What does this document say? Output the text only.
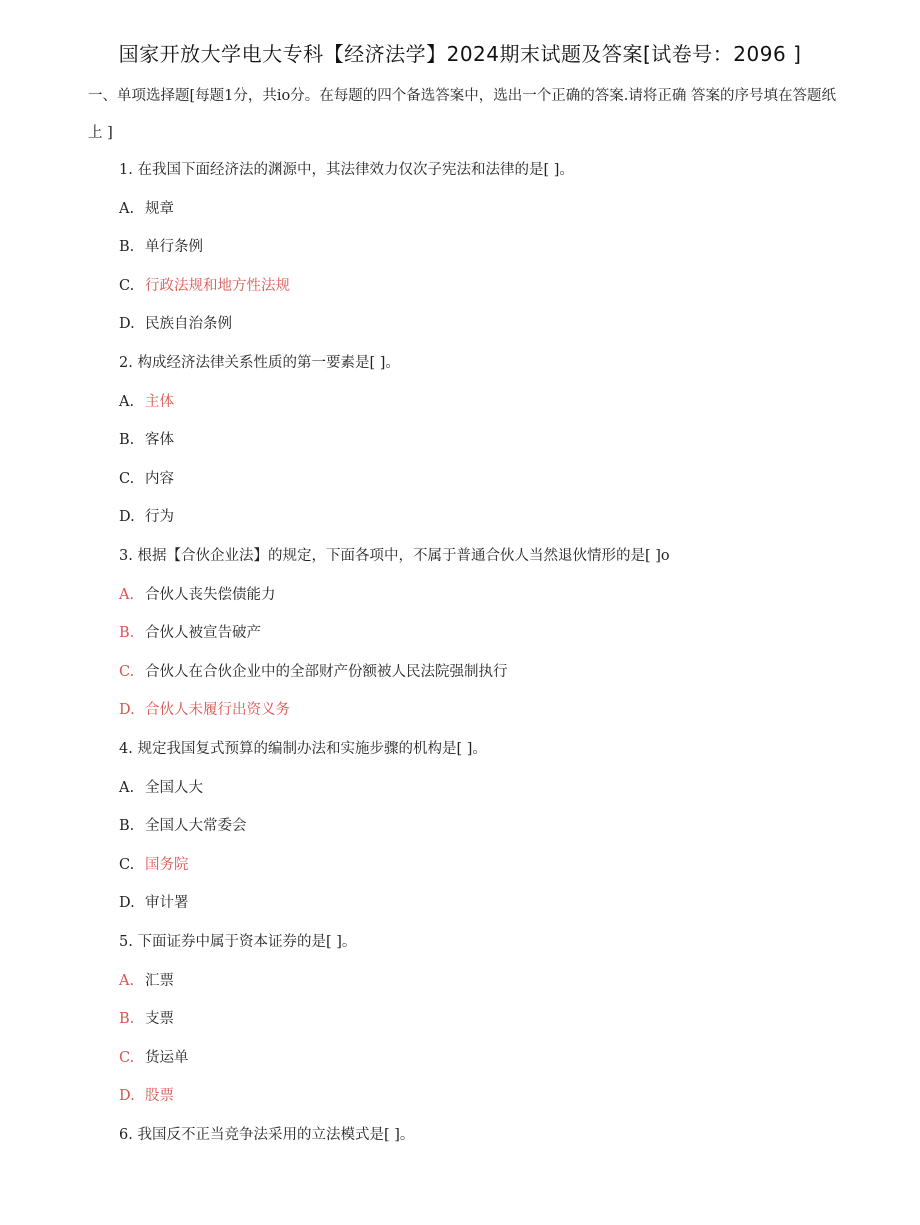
国家开放大学电大专科【经济法学】2024期末试题及答案[试卷号：2096 ]
一、单项选择题[每题1分，共io分。在每题的四个备选答案中，选出一个正确的答案.请将正确 答案的序号填在答题纸上 ]
1. 在我国下面经济法的渊源中，其法律效力仅次子宪法和法律的是[ ]。
A. 规章
B. 单行条例
C. 行政法规和地方性法规
D. 民族自治条例
2. 构成经济法律关系性质的第一要素是[ ]。
A. 主体
B. 客体
C. 内容
D. 行为
3. 根据【合伙企业法】的规定，下面各项中，不属于普通合伙人当然退伙情形的是[ ]o
A. 合伙人丧失偿债能力
B. 合伙人被宣告破产
C. 合伙人在合伙企业中的全部财产份额被人民法院强制执行
D. 合伙人未履行出资义务
4. 规定我国复式预算的编制办法和实施步骤的机构是[ ]。
A. 全国人大
B. 全国人大常委会
C. 国务院
D. 审计署
5. 下面证券中属于资本证券的是[ ]。
A. 汇票
B. 支票
C. 货运单
D. 股票
6. 我国反不正当竞争法采用的立法模式是[ ]。
